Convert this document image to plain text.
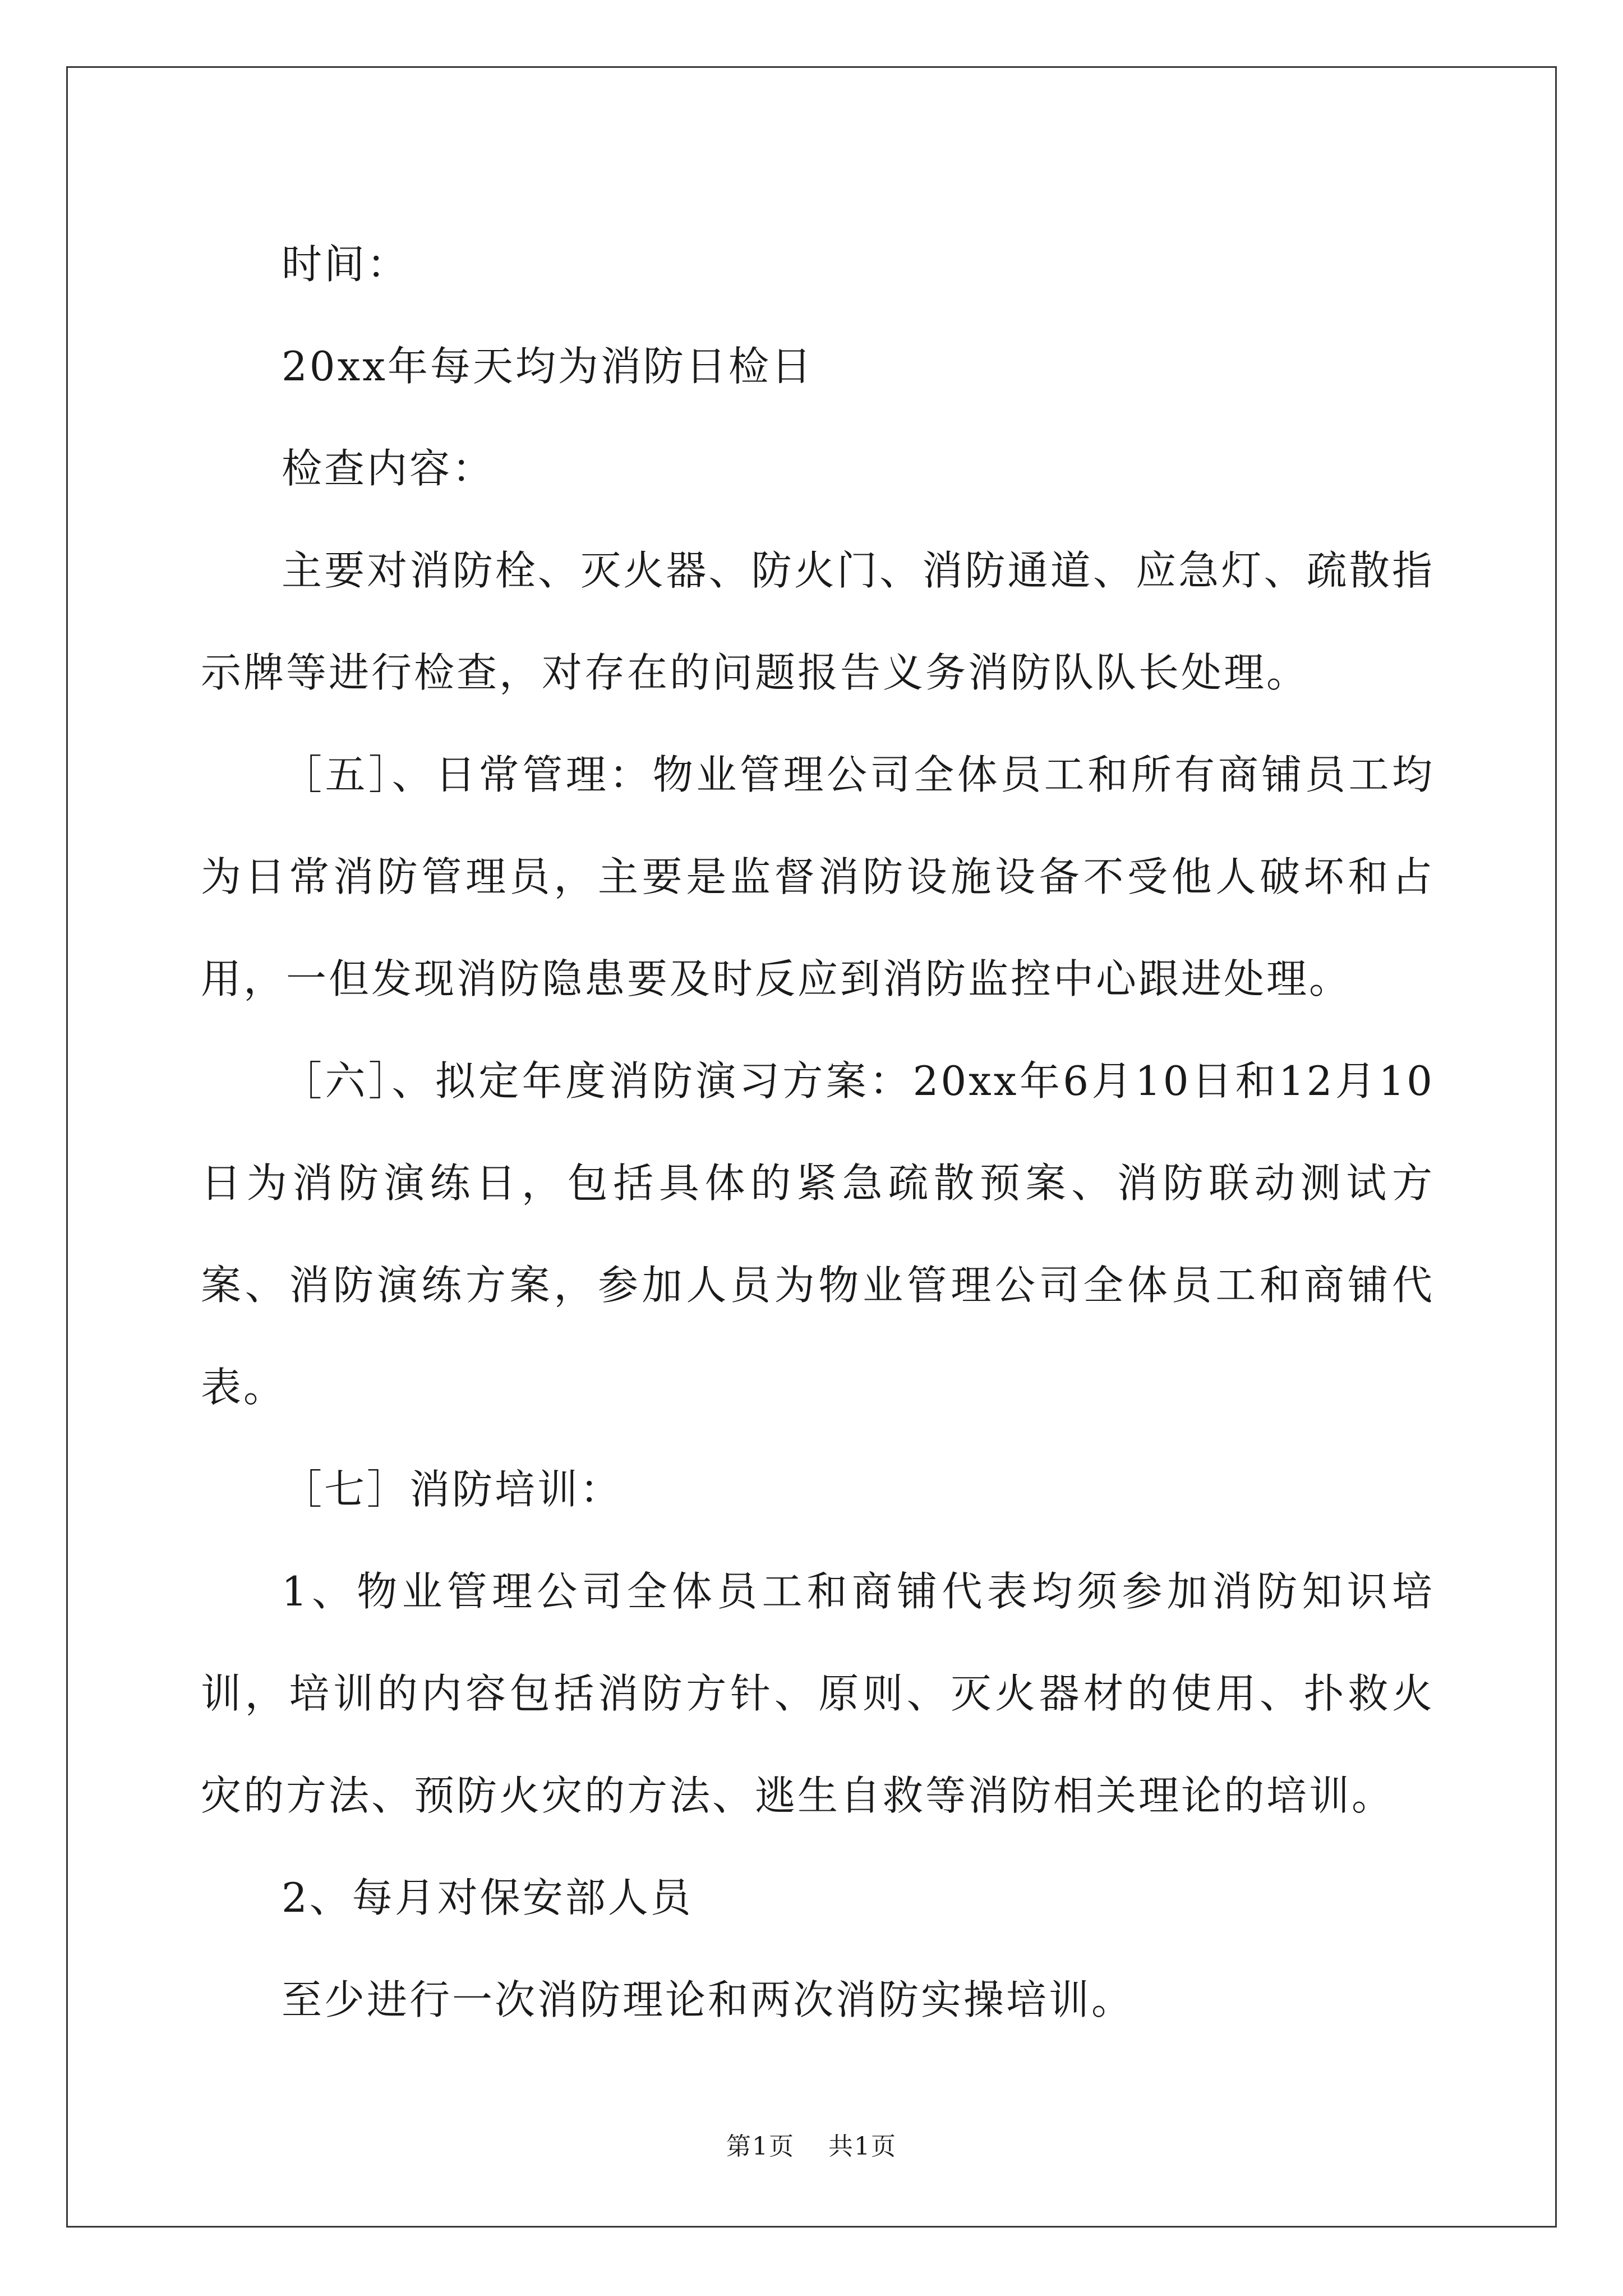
时间：

20xx年每天均为消防日检日

检查内容：

主要对消防栓、灭火器、防火门、消防通道、应急灯、疏散指示牌等进行检查，对存在的问题报告义务消防队队长处理。

［五］、日常管理：物业管理公司全体员工和所有商铺员工均为日常消防管理员，主要是监督消防设施设备不受他人破坏和占用，一但发现消防隐患要及时反应到消防监控中心跟进处理。

［六］、拟定年度消防演习方案：20xx年6月10日和12月10日为消防演练日，包括具体的紧急疏散预案、消防联动测试方案、消防演练方案，参加人员为物业管理公司全体员工和商铺代表。

［七］消防培训：

1、物业管理公司全体员工和商铺代表均须参加消防知识培训，培训的内容包括消防方针、原则、灭火器材的使用、扑救火灾的方法、预防火灾的方法、逃生自救等消防相关理论的培训。

2、每月对保安部人员

至少进行一次消防理论和两次消防实操培训。

第1页 共1页
